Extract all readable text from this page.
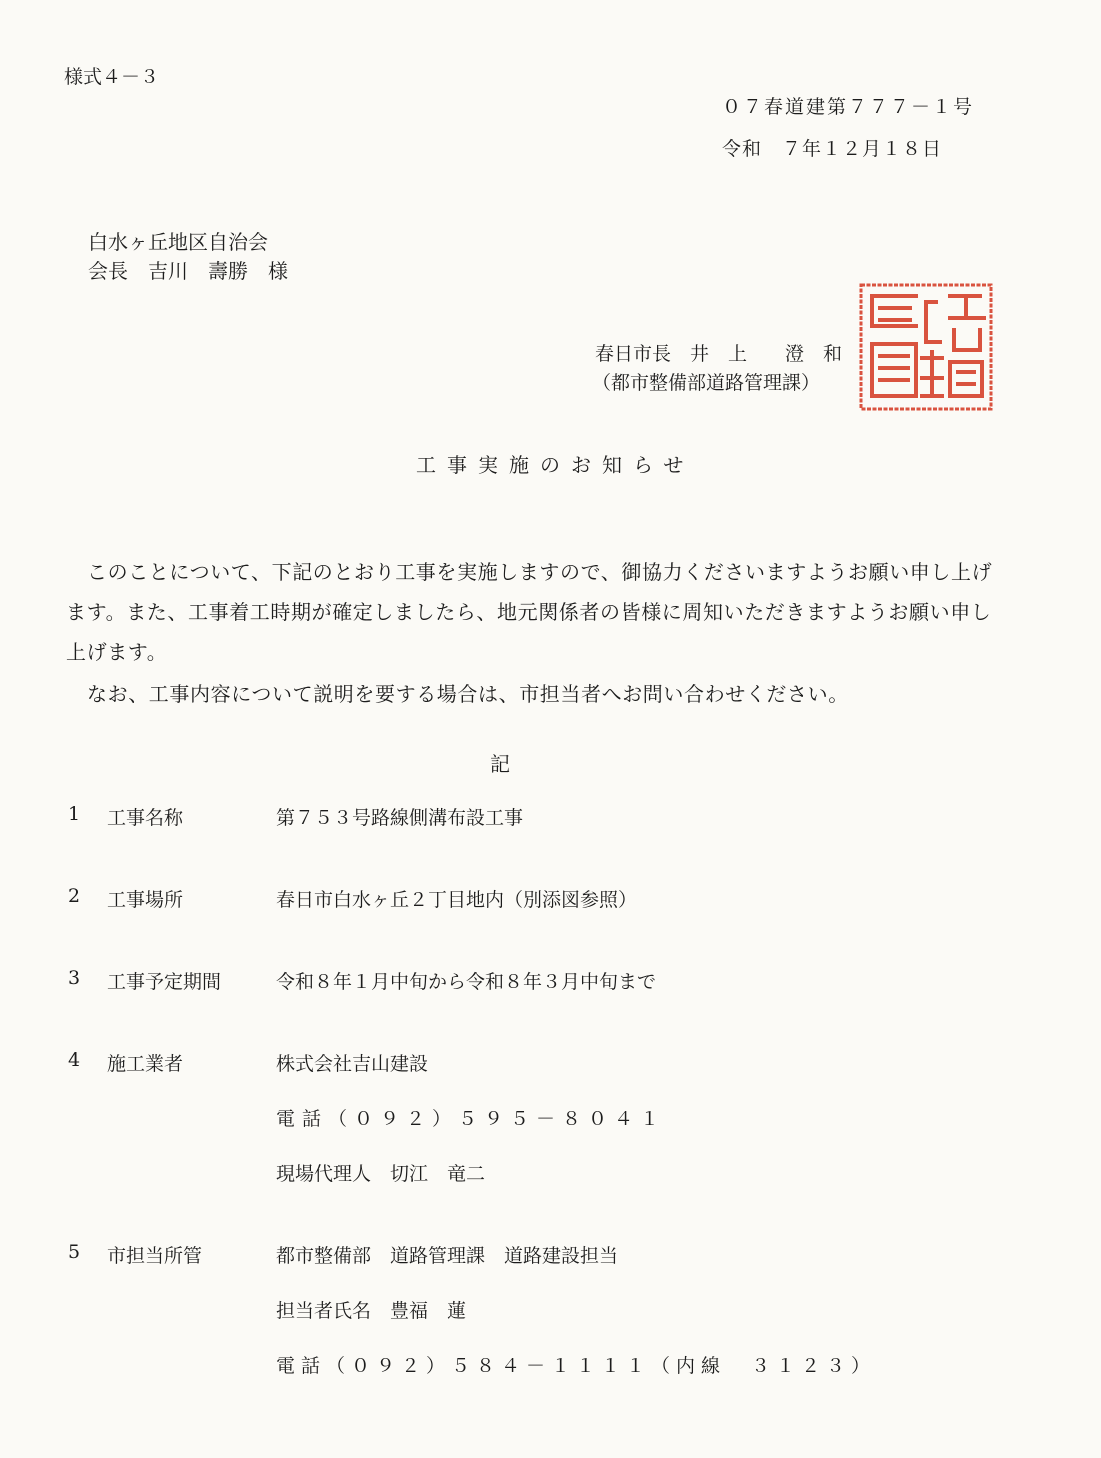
様式４－３
０７春道建第７７７－１号
令和　７年１２月１８日
白水ヶ丘地区自治会
会長　吉川　壽勝　様
春日市長　井　上　　澄　和
（都市整備部道路管理課）
工事実施のお知らせ
このことについて、下記のとおり工事を実施しますので、御協力くださいますようお願い申し上げ
ます。また、工事着工時期が確定しましたら、地元関係者の皆様に周知いただきますようお願い申し
上げます。
なお、工事内容について説明を要する場合は、市担当者へお問い合わせください。
記
1	工事名称	第７５３号路線側溝布設工事
2	工事場所	春日市白水ヶ丘２丁目地内（別添図参照）
3	工事予定期間	令和８年１月中旬から令和８年３月中旬まで
4	施工業者	株式会社吉山建設
電話（０９２）５９５－８０４１
現場代理人　切江　竜二
5	市担当所管	都市整備部　道路管理課　道路建設担当
担当者氏名　豊福　蓮
電話（０９２）５８４－１１１１（内線　３１２３）
